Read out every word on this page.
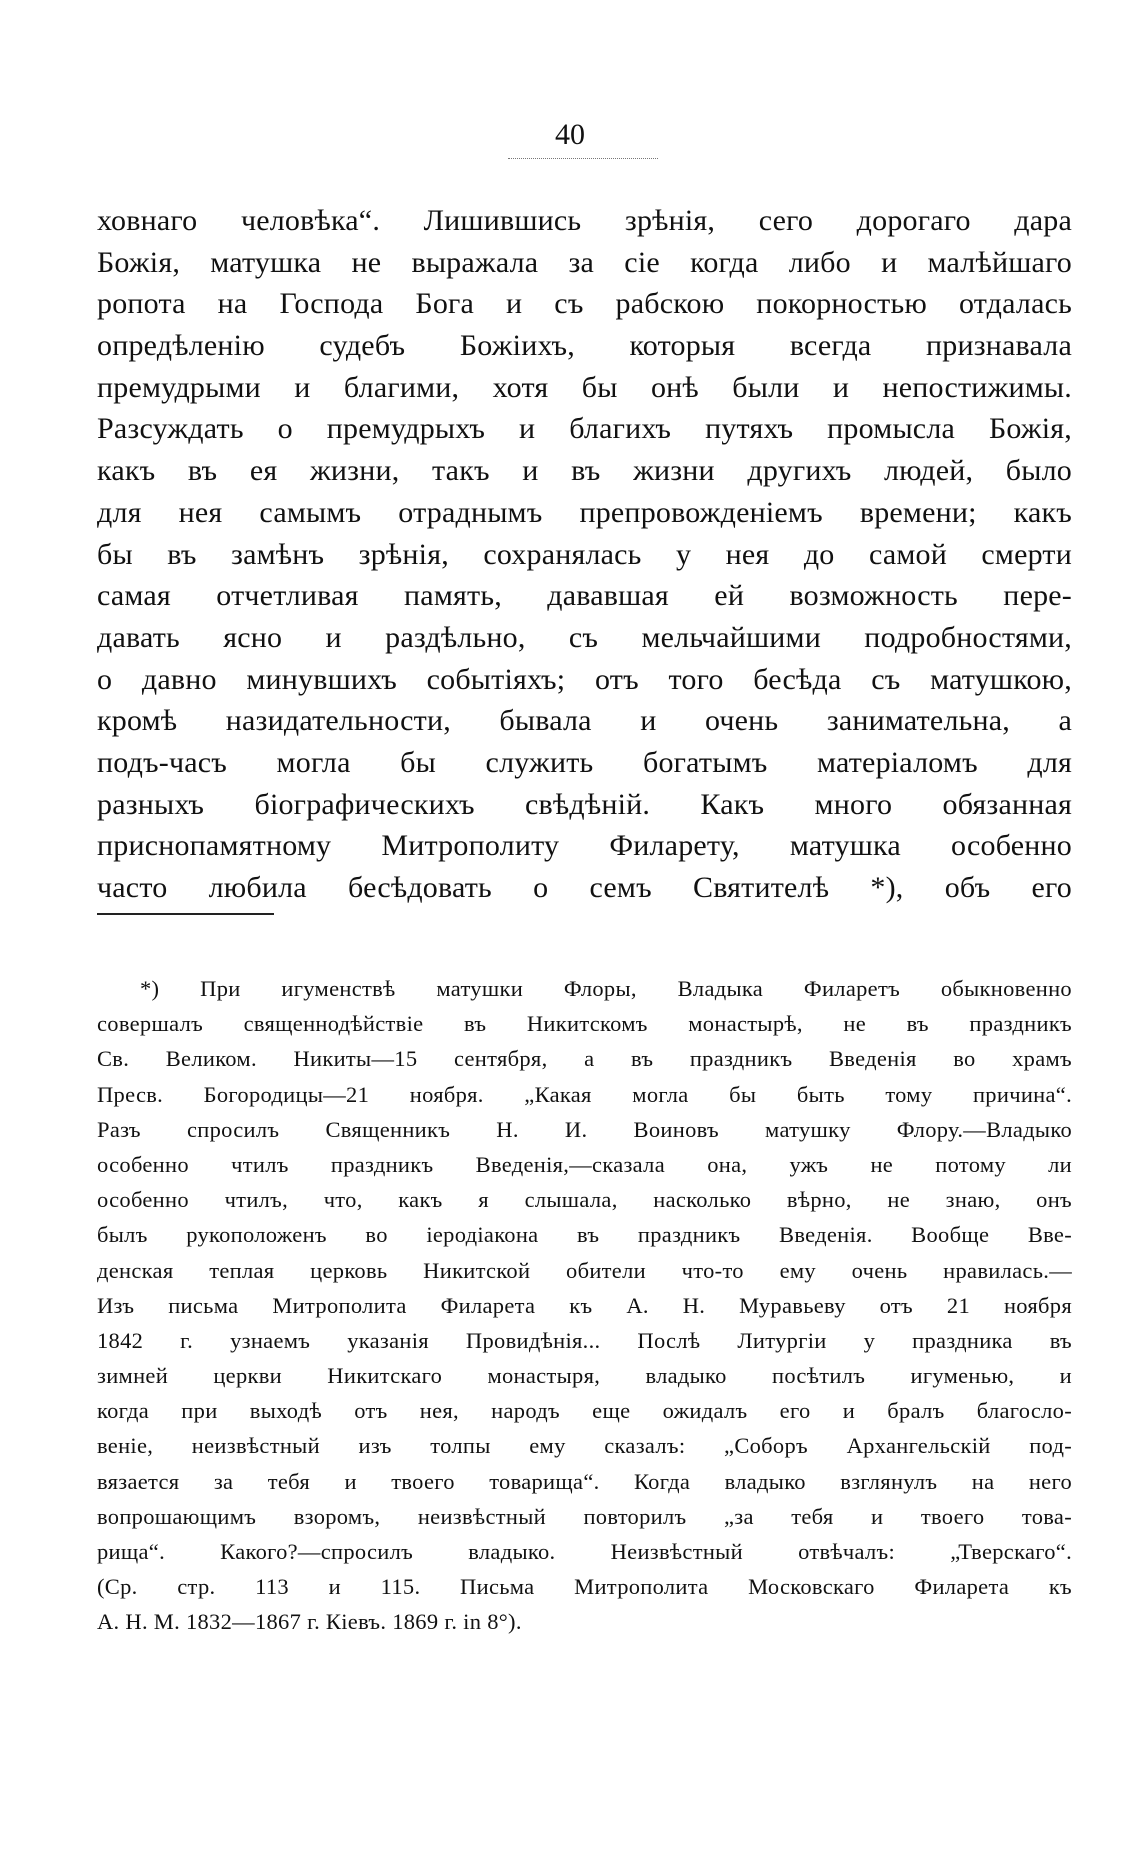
40
ховнаго человѣка“. Лишившись зрѣнія, сего дорогаго дара
Божія, матушка не выражала за сіе когда либо и малѣйшаго
ропота на Господа Бога и съ рабскою покорностью отдалась
опредѣленію судебъ Божіихъ, которыя всегда признавала
премудрыми и благими, хотя бы онѣ были и непостижимы.
Разсуждать о премудрыхъ и благихъ путяхъ промысла Божія,
какъ въ ея жизни, такъ и въ жизни другихъ людей, было
для нея самымъ отраднымъ препровожденіемъ времени; какъ
бы въ замѣнъ зрѣнія, сохранялась у нея до самой смерти
самая отчетливая память, дававшая ей возможность пере-
давать ясно и раздѣльно, съ мельчайшими подробностями,
о давно минувшихъ событіяхъ; отъ того бесѣда съ матушкою,
кромѣ назидательности, бывала и очень занимательна, а
подъ-часъ могла бы служить богатымъ матеріаломъ для
разныхъ біографическихъ свѣдѣній. Какъ много обязанная
приснопамятному Митрополиту Филарету, матушка особенно
часто любила бесѣдовать о семъ Святителѣ *), объ его
*) При игуменствѣ матушки Флоры, Владыка Филаретъ обыкновенно
совершалъ священнодѣйствіе въ Никитскомъ монастырѣ, не въ праздникъ
Св. Великом. Никиты—15 сентября, а въ праздникъ Введенія во храмъ
Пресв. Богородицы—21 ноября. „Какая могла бы быть тому причина“.
Разъ спросилъ Священникъ Н. И. Воиновъ матушку Флору.—Владыко
особенно чтилъ праздникъ Введенія,—сказала она, ужъ не потому ли
особенно чтилъ, что, какъ я слышала, насколько вѣрно, не знаю, онъ
былъ рукоположенъ во іеродіакона въ праздникъ Введенія. Вообще Вве-
денская теплая церковь Никитской обители что-то ему очень нравилась.—
Изъ письма Митрополита Филарета къ А. Н. Муравьеву отъ 21 ноября
1842 г. узнаемъ указанія Провидѣнія... Послѣ Литургіи у праздника въ
зимней церкви Никитскаго монастыря, владыко посѣтилъ игуменью, и
когда при выходѣ отъ нея, народъ еще ожидалъ его и бралъ благосло-
веніе, неизвѣстный изъ толпы ему сказалъ: „Соборъ Архангельскій под-
вязается за тебя и твоего товарища“. Когда владыко взглянулъ на него
вопрошающимъ взоромъ, неизвѣстный повторилъ „за тебя и твоего това-
рища“. Какого?—спросилъ владыко. Неизвѣстный отвѣчалъ: „Тверскаго“.
(Ср. стр. 113 и 115. Письма Митрополита Московскаго Филарета къ
А. Н. М. 1832—1867 г. Кіевъ. 1869 г. in 8°).
